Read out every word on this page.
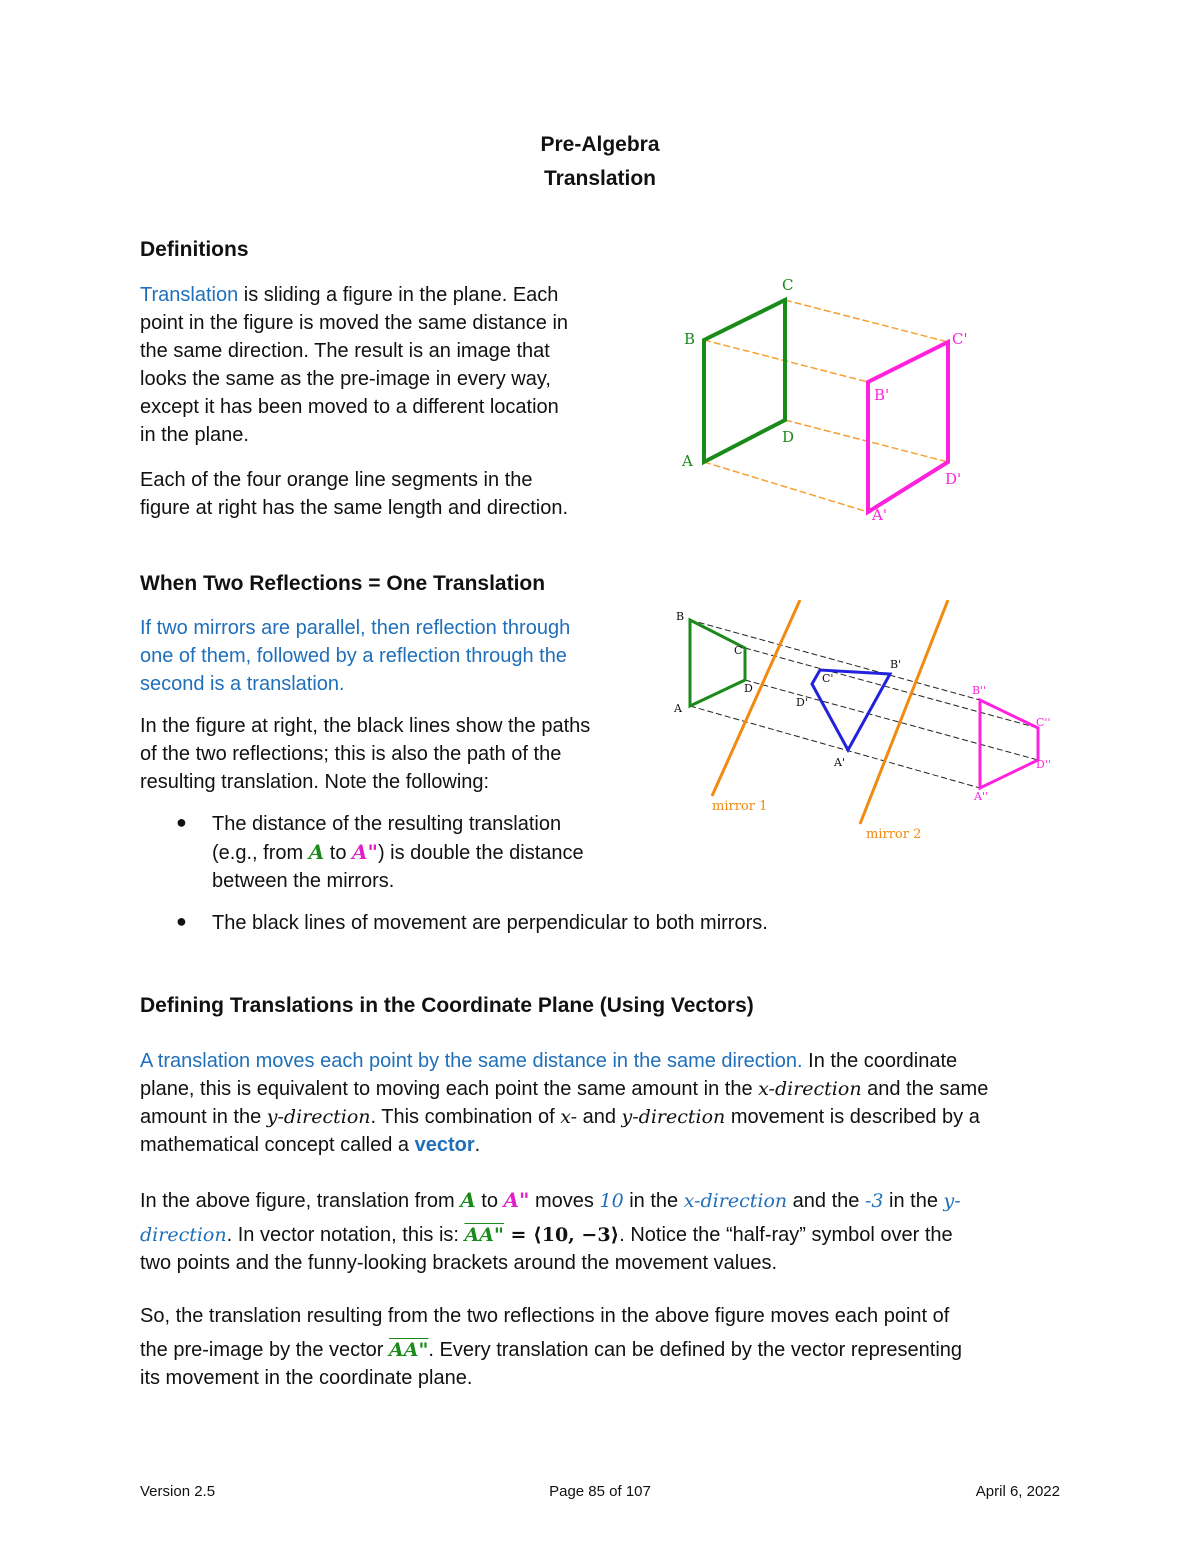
Pre-Algebra
Translation
Definitions
Translation is sliding a figure in the plane. Each
point in the figure is moved the same distance in
the same direction. The result is an image that
looks the same as the pre-image in every way,
except it has been moved to a different location
in the plane.
Each of the four orange line segments in the
figure at right has the same length and direction.
A
B
C
D
A'
B'
C'
D'
When Two Reflections = One Translation
If two mirrors are parallel, then reflection through
one of them, followed by a reflection through the
second is a translation.
In the figure at right, the black lines show the paths
of the two reflections; this is also the path of the
resulting translation. Note the following:
● The distance of the resulting translation
(e.g., from A to A") is double the distance
between the mirrors.
● The black lines of movement are perpendicular to both mirrors.
A
B
C
D
A'
B'
C'
D'
A''
B''
C''
D''
mirror 1
mirror 2
Defining Translations in the Coordinate Plane (Using Vectors)
A translation moves each point by the same distance in the same direction. In the coordinate
plane, this is equivalent to moving each point the same amount in the x-direction and the same
amount in the y-direction. This combination of x- and y-direction movement is described by a
mathematical concept called a vector.
In the above figure, translation from A to A" moves 10 in the x-direction and the -3 in the y-
direction. In vector notation, this is: AA" = ⟨10, −3⟩. Notice the “half-ray” symbol over the
two points and the funny-looking brackets around the movement values.
So, the translation resulting from the two reflections in the above figure moves each point of
the pre-image by the vector AA". Every translation can be defined by the vector representing
its movement in the coordinate plane.
Version 2.5	Page 85 of 107	April 6, 2022
